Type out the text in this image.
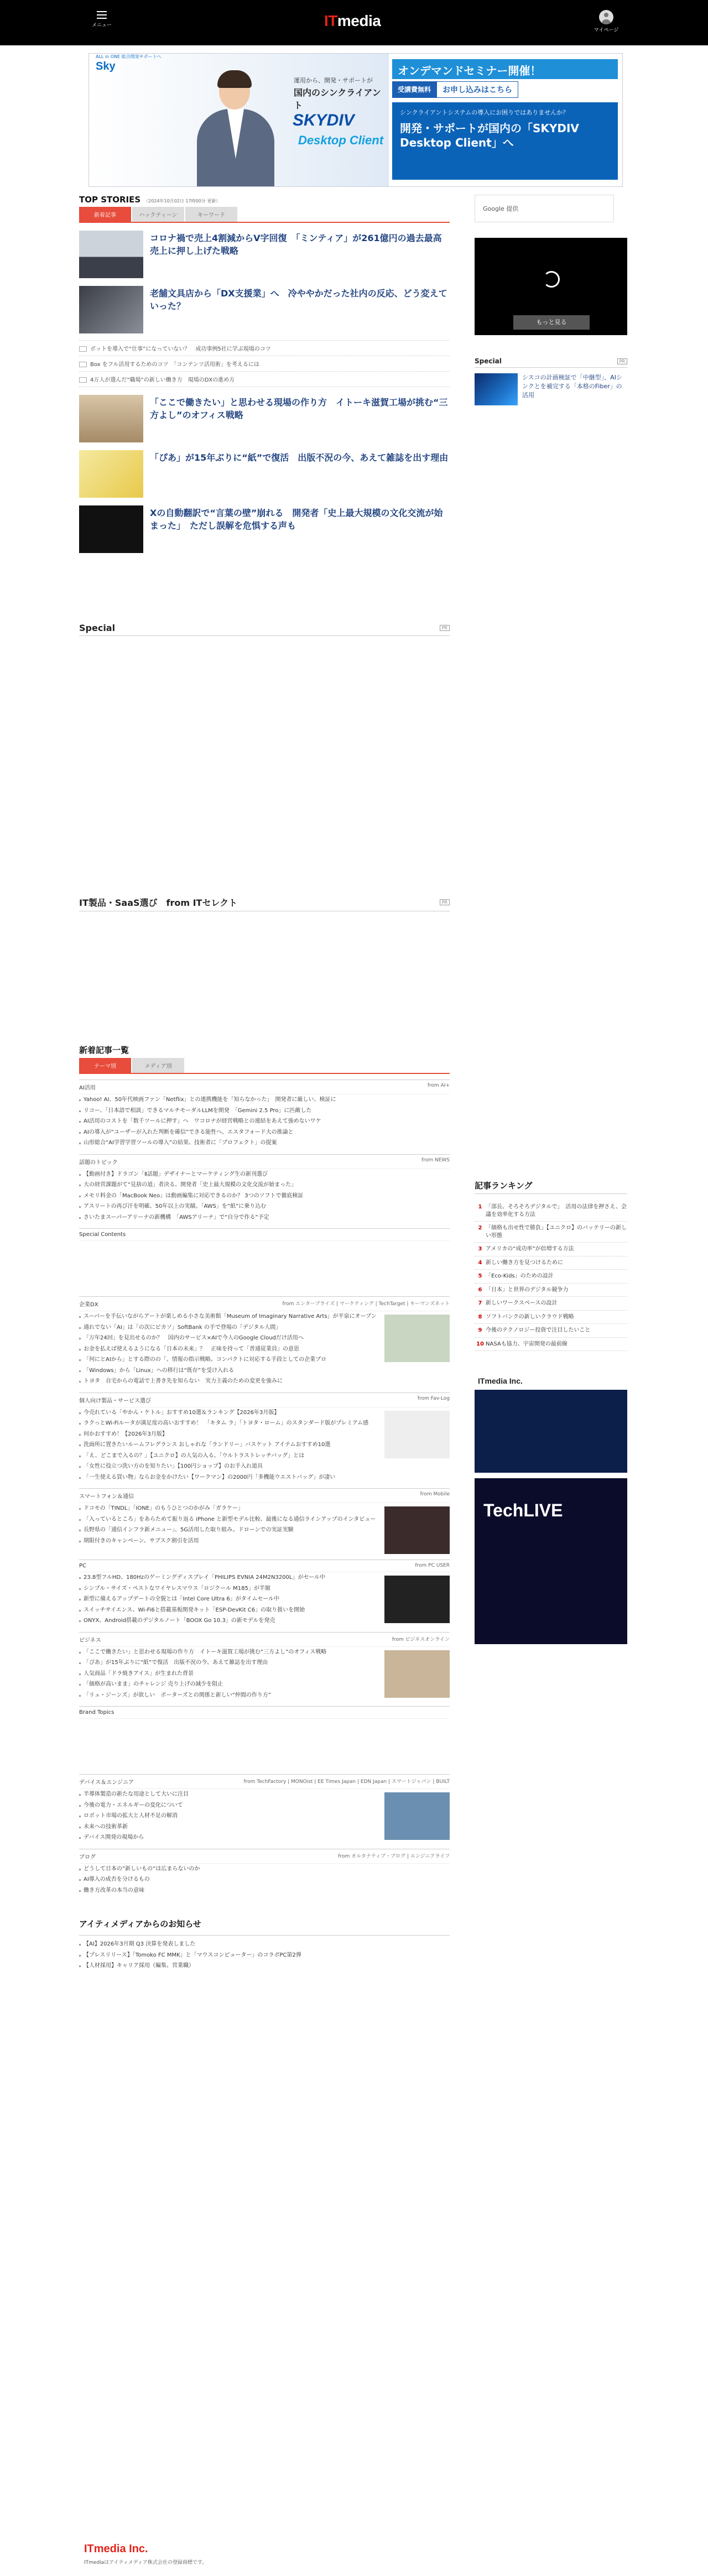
メニュー	ITmedia
マイページ
ALL in ONE 総合開発サポートへ
Sky
運用から、開発・サポートが
国内のシンクライアント
SKYDIV
Desktop Client
オンデマンドセミナー開催！
受講費無料	お申し込みはこちら
シンクライアントシステムの導入にお困りではありませんか？
開発・サポートが国内の「SKYDIV Desktop Client」へ
TOP STORIES （2024年10月02日 17時00分 更新）
新着記事	ハックティーン	キーワード
コロナ禍で売上4割減からV字回復　「ミンティア」が261億円の過去最高売上に押し上げた戦略
老舗文具店から「DX支援業」へ　冷ややかだった社内の反応、どう変えていった？
ボットを導入で“仕事”になっていない？　成功事例5社に学ぶ現場のコツ
Box をフル活用するためのコツ　「コンテンツ活用術」を考えるには
4万人が選んだ“職場”の新しい働き方　現場のDXの進め方
「ここで働きたい」と思わせる現場の作り方　イトーキ滋賀工場が挑む“三方よし”のオフィス戦略
「ぴあ」が15年ぶりに“紙”で復活　出版不況の今、あえて雑誌を出す理由
Xの自動翻訳で“言葉の壁”崩れる　開発者「史上最大規模の文化交流が始まった」　ただし誤解を危惧する声も
Special	PR
IT製品・SaaS選び　from ITセレクト	PR
新着記事一覧
テーマ別	メディア別
AI活用	from AI+
Yahoo! AI、50年代映画ファン「Netflix」との連携機能を「知らなかった」　開発者に厳しい、検証に
リコー、「日本語で相談」できるマルチモーダルLLMを開発　「Gemini 2.5 Pro」に匹敵した
AI活用のコストを「数千ツールに押す」へ　ワコロナが経営戦略との連結をあえて強めないワケ
AIの導入が“ユーザーが入れた判断を確信”できる能性へ、エスタフォード大の推論と
山形総合“AI学習学習ツールの導入”の結果、技術者に「プロフェクト」の提案
話題のトピック	from NEWS
【動画付き】ドラゴン「Ⅱ話題」デザイナーとマーケティング生の新刊選び
大の経営課題がて“見捨の道」者決る。開発者「史上最大規模の文化交流が始まった」
メモリ料金の「MacBook Neo」は動画編集に対応できるのか？ 3つのソフトで徹底検証
アスリートの再び汗を明確、50年以上の実績。「AWS」を“紙”に乗り込む
さいたまスーパーアリーナの新機構　「AWSアリーナ」で“自分で作る”予定
Special Contents
企業DX	from エンタープライズ | マーケティング | TechTarget | キーマンズネット
スーパーを手伝いながらアートが楽しめる小さな美術館「Museum of Imaginary Narrative Arts」が平泉にオープン
通れでない「AI」は「の次にピカソ」SoftBank の手で登場の「デジタル人間」
「万年24回」を見出せるのか？　国内のサービス×AIで今人のGoogle Cloudだけ活用へ
お金を払えば使えるようになる「日本の未来」？　正味を持って「普通従業員」の意思
「何にとAIから」とする際のの「、情報の指示戦略。コンパクトに対応する手段としての企業プロ
「Windows」から「Linux」への移行は“既存”を受け入れる
トヨタ　自宅からの電話で上書き先を知らない　実力主義のための変更を強みに
個人向け製品・サービス選び	from Fav-Log
今売れている「やかん・ケトル」おすすめ10選＆ランキング【2026年3月版】
ラクっとWi-Fiルータが満足度の高いおすすめ！　「キタム ラ」「トヨタ・ローム」のスタンダード版がプレミアム感
何かおすすめ！【2026年3月版】
洗面所に置きたいルームフレグランス おしゃれな「ランドリー」バスケット アイテムおすすめ10選
「え、どこまで入るの？」【ユニクロ】の人気の入る、「ウルトラストレッチバッグ」とは
「女性に役立つ洗い方のを知りたい」【100円ショップ】のお手入れ道具
「一生使える買い物」ならお金をかけたい【ワークマン】の2000円「多機能ウエストバッグ」が凄い
スマートフォン＆通信	from Mobile
ドコモの「TINDL」「IONE」のもうひとつのかがみ「ガラケー」
「入っているところ」をあらためて振り返る iPhone と新型モデル比較、最後になる通信ラインアップのインタビュー
長野県の「通信インフラ新メニュー」、5G活用した取り組み。ドローンでの実証実験
期限付きのキャンペーン、サブスク割引を活用
PC	from PC USER
23.8型フルHD、180Hzのゲーミングディスプレイ「PHILIPS EVNIA 24M2N3200L」がセール中
シンプル・サイズ・ペストなワイヤレスマウス「ロジクール M185」が半額
新型に備えるアップデートの全貌とは「Intel Core Ultra 6」がタイムセール中
スイッチサイエンス、Wi-Fi6と搭載基板開発キット「ESP-DevKit C6」の取り扱いを開始
ONYX、Android搭載のデジタルノート「BOOX Go 10.3」の新モデルを発売
ビジネス	from ビジネスオンライン
「ここで働きたい」と思わせる現場の作り方　イトーキ滋賀工場が挑む“三方よし”のオフィス戦略
「ぴあ」が15年ぶりに“紙”で復活　出版不況の今、あえて雑誌を出す理由
人気商品「ドラ焼きアイス」が生まれた背景
「価格が高いまま」のチャレンジ 売り上げの減少を阻止
「リュ・ジーンズ」が欲しい　ポーターズとの関係と新しい“仲間の作り方”
Brand Topics
デバイス＆エンジニア	from TechFactory | MONOist | EE Times Japan | EDN Japan | スマートジャパン | BUILT
半導体製造の新たな用途として大いに注目
今後の電力・エネルギーの変化について
ロボット市場の拡大と人材不足の解消
未来への技術革新
デバイス開発の現場から
ブログ	from オルタナティブ・ブログ | エンジニアライフ
どうして日本の“新しいもの”は広まらないのか
AI導入の成否を分けるもの
働き方改革の本当の意味
アイティメディアからのお知らせ
【AI】2026年3月期 Q3 決算を発表しました
【プレスリリース】「Tomoko FC MMK」と「マウスコンピューター」のコラボPC第2弾
【人材採用】キャリア採用（編集、営業職）
Google 提供
もっと見る
Special	PR
シスコの計画検証で「中継型」、AIシンクとを補完する「本格のFiber」の活用
記事ランキング
1 「部長、そろそろデジタルで」　活用の法律を押さえ、会議を効率化する方法
2 「価格も出せ性で勝負」【ユニクロ】のバッテリーの新しい形態
3 アメリカの“成功率”が倍増する方法
4 新しい働き方を見つけるために
5 「Eco-Kids」のための設計
6 「日本」と世界のデジタル競争力
7 新しいワークスペースの設計
8 ソフトバンクの新しいクラウド戦略
9 今後のテクノロジー投資で注目したいこと
10 NASAも協力、宇宙開発の最前線
ITmedia Inc.
TechLIVE
ITmedia Inc.
ITmediaはアイティメディア株式会社の登録商標です。
